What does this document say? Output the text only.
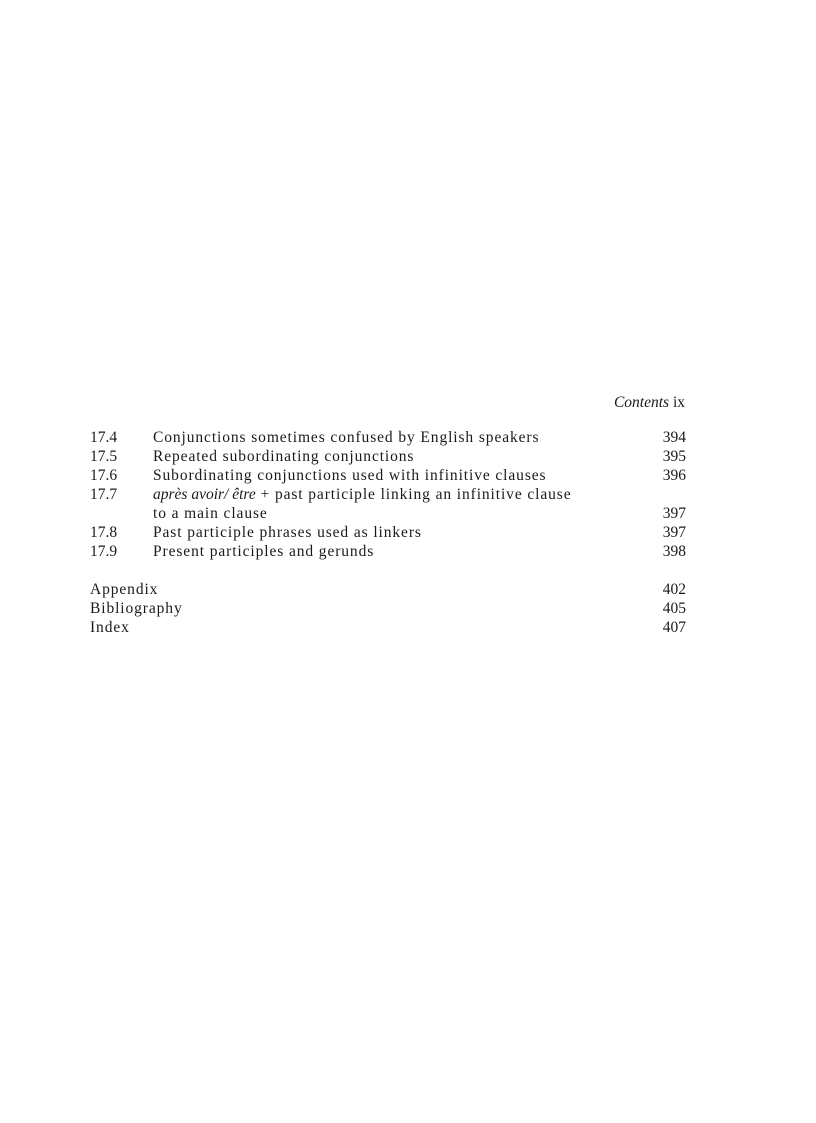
Contents ix
17.4 Conjunctions sometimes confused by English speakers	394
17.5 Repeated subordinating conjunctions	395
17.6 Subordinating conjunctions used with infinitive clauses	396
17.7 après avoir/ être + past participle linking an infinitive clause
to a main clause	397
17.8 Past participle phrases used as linkers	397
17.9 Present participles and gerunds	398
Appendix	402
Bibliography	405
Index	407
